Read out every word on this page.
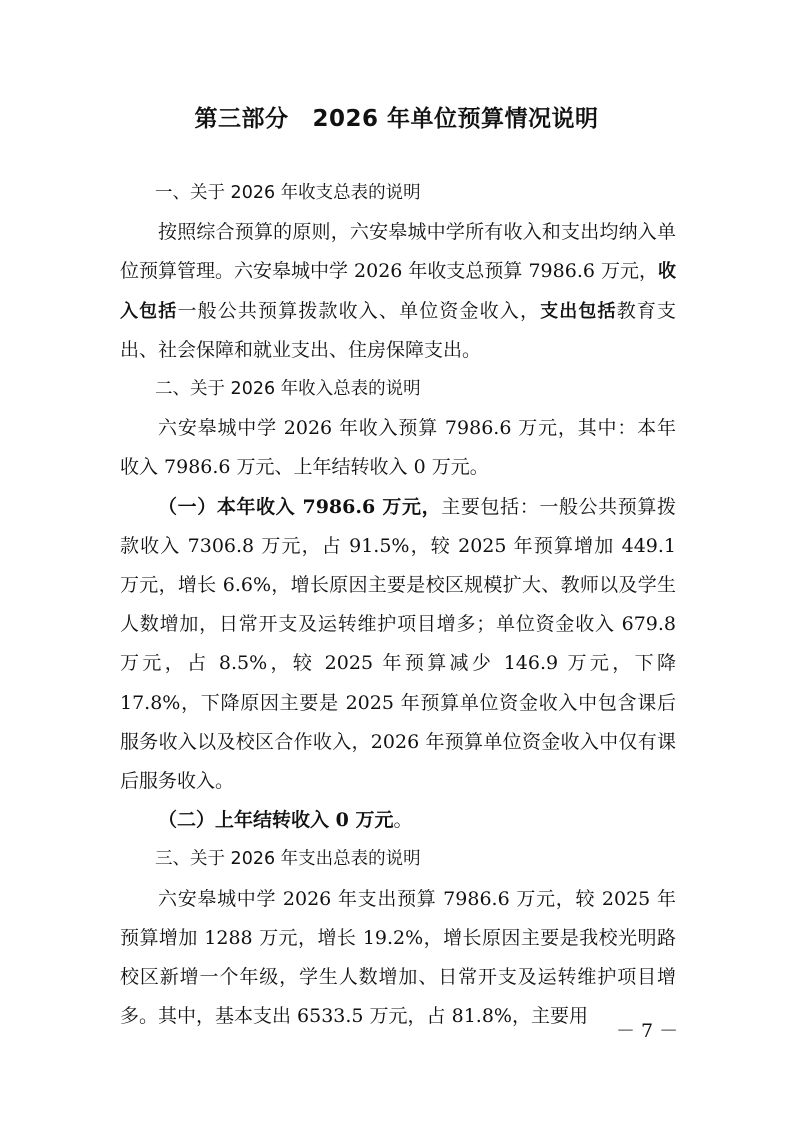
第三部分 2026 年单位预算情况说明

一、关于 2026 年收支总表的说明

按照综合预算的原则，六安皋城中学所有收入和支出均纳入单位预算管理。六安皋城中学 2026 年收支总预算 7986.6 万元，收入包括一般公共预算拨款收入、单位资金收入，支出包括教育支出、社会保障和就业支出、住房保障支出。

二、关于 2026 年收入总表的说明

六安皋城中学 2026 年收入预算 7986.6 万元，其中：本年收入 7986.6 万元、上年结转收入 0 万元。

（一）本年收入 7986.6 万元，主要包括：一般公共预算拨款收入 7306.8 万元，占 91.5%，较 2025 年预算增加 449.1 万元，增长 6.6%，增长原因主要是校区规模扩大、教师以及学生人数增加，日常开支及运转维护项目增多；单位资金收入 679.8 万元，占 8.5%，较 2025 年预算减少 146.9 万元，下降 17.8%，下降原因主要是 2025 年预算单位资金收入中包含课后服务收入以及校区合作收入，2026 年预算单位资金收入中仅有课后服务收入。

（二）上年结转收入 0 万元。

三、关于 2026 年支出总表的说明

六安皋城中学 2026 年支出预算 7986.6 万元，较 2025 年预算增加 1288 万元，增长 19.2%，增长原因主要是我校光明路校区新增一个年级，学生人数增加、日常开支及运转维护项目增多。其中，基本支出 6533.5 万元，占 81.8%，主要用

－ 7 －
